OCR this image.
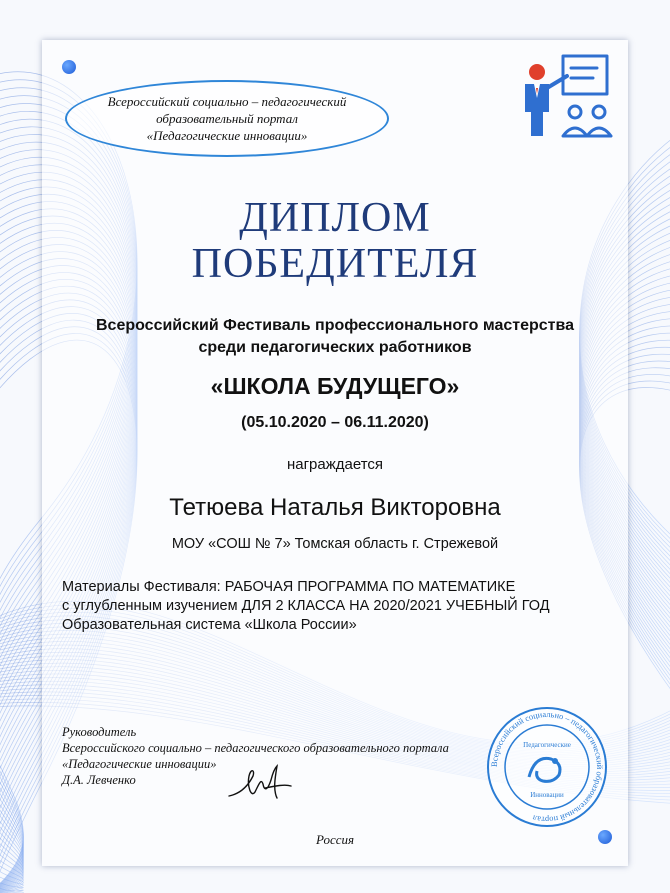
Всероссийский социально – педагогический
образовательный портал
«Педагогические инновации»
ДИПЛОМ
ПОБЕДИТЕЛЯ
Всероссийский Фестиваль профессионального мастерства
среди педагогических работников
«ШКОЛА БУДУЩЕГО»
(05.10.2020 – 06.11.2020)
награждается
Тетюева Наталья Викторовна
МОУ «СОШ № 7» Томская область г. Стрежевой
Материалы Фестиваля: РАБОЧАЯ ПРОГРАММА ПО МАТЕМАТИКЕ
с углубленным изучением ДЛЯ 2 КЛАССА НА 2020/2021 УЧЕБНЫЙ ГОД
Образовательная система «Школа России»
Руководитель
Всероссийского социально – педагогического образовательного портала
«Педагогические инновации»
Д.А. Левченко
Всероссийский социально – педагогический образовательный портал
Педагогические
Инновации
Россия
